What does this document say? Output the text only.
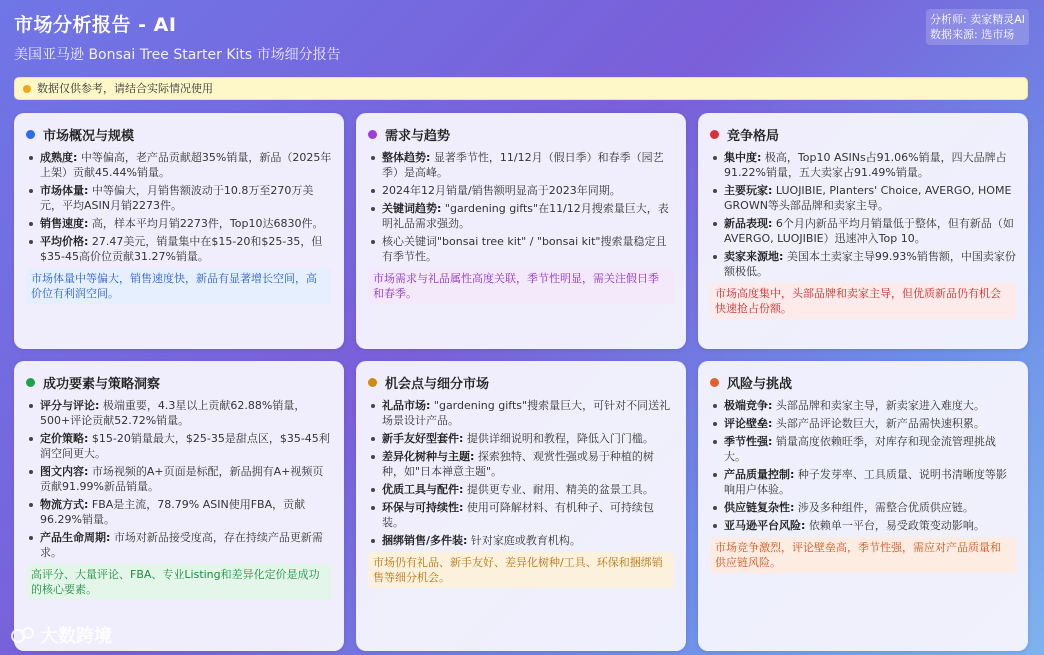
市场分析报告 - AI
美国亚马逊 Bonsai Tree Starter Kits 市场细分报告
分析师: 卖家精灵AI
数据来源: 选市场
数据仅供参考，请结合实际情况使用
市场概况与规模
成熟度: 中等偏高，老产品贡献超35%销量，新品（2025年上架）贡献45.44%销量。
市场体量: 中等偏大，月销售额波动于10.8万至270万美元，平均ASIN月销2273件。
销售速度: 高，样本平均月销2273件，Top10达6830件。
平均价格: 27.47美元，销量集中在$15-20和$25-35，但$35-45高价位贡献31.27%销量。
市场体量中等偏大，销售速度快，新品有显著增长空间，高价位有利润空间。
需求与趋势
整体趋势: 显著季节性，11/12月（假日季）和春季（园艺季）是高峰。
2024年12月销量/销售额明显高于2023年同期。
关键词趋势: "gardening gifts"在11/12月搜索量巨大，表明礼品需求强劲。
核心关键词"bonsai tree kit" / "bonsai kit"搜索量稳定且有季节性。
市场需求与礼品属性高度关联，季节性明显，需关注假日季和春季。
竞争格局
集中度: 极高，Top10 ASINs占91.06%销量，四大品牌占91.22%销量，五大卖家占91.49%销量。
主要玩家: LUOJIBIE, Planters' Choice, AVERGO, HOME GROWN等头部品牌和卖家主导。
新品表现: 6个月内新品平均月销量低于整体，但有新品（如AVERGO, LUOJIBIE）迅速冲入Top 10。
卖家来源地: 美国本土卖家主导99.93%销售额，中国卖家份额极低。
市场高度集中，头部品牌和卖家主导，但优质新品仍有机会快速抢占份额。
成功要素与策略洞察
评分与评论: 极端重要，4.3星以上贡献62.88%销量，500+评论贡献52.72%销量。
定价策略: $15-20销量最大，$25-35是甜点区，$35-45利润空间更大。
图文内容: 市场视频的A+页面是标配，新品拥有A+视频页贡献91.99%新品销量。
物流方式: FBA是主流，78.79% ASIN使用FBA，贡献96.29%销量。
产品生命周期: 市场对新品接受度高，存在持续产品更新需求。
高评分、大量评论、FBA、专业Listing和差异化定价是成功的核心要素。
机会点与细分市场
礼品市场: "gardening gifts"搜索量巨大，可针对不同送礼场景设计产品。
新手友好型套件: 提供详细说明和教程，降低入门门槛。
差异化树种与主题: 探索独特、观赏性强或易于种植的树种，如"日本禅意主题"。
优质工具与配件: 提供更专业、耐用、精美的盆景工具。
环保与可持续性: 使用可降解材料、有机种子、可持续包装。
捆绑销售/多件装: 针对家庭或教育机构。
市场仍有礼品、新手友好、差异化树种/工具、环保和捆绑销售等细分机会。
风险与挑战
极端竞争: 头部品牌和卖家主导，新卖家进入难度大。
评论壁垒: 头部产品评论数巨大，新产品需快速积累。
季节性强: 销量高度依赖旺季，对库存和现金流管理挑战大。
产品质量控制: 种子发芽率、工具质量、说明书清晰度等影响用户体验。
供应链复杂性: 涉及多种组件，需整合优质供应链。
亚马逊平台风险: 依赖单一平台，易受政策变动影响。
市场竞争激烈，评论壁垒高，季节性强，需应对产品质量和供应链风险。
大数跨境
